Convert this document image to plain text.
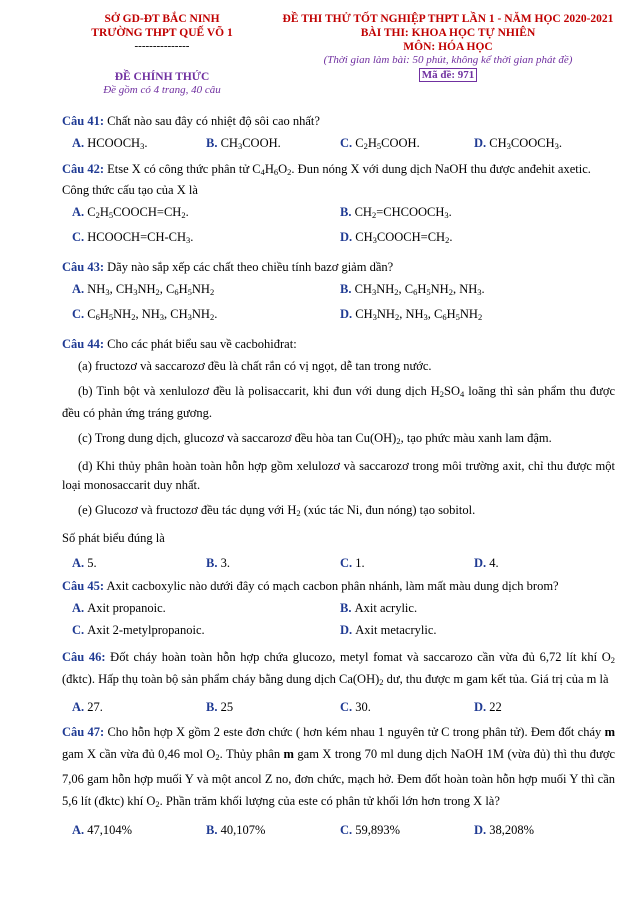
SỞ GD-ĐT BẮC NINH
TRƯỜNG THPT QUẾ VÕ 1
---------------
ĐỀ THI THỬ TỐT NGHIỆP THPT LẦN 1 - NĂM HỌC 2020-2021
BÀI THI: KHOA HỌC TỰ NHIÊN
MÔN: HÓA HỌC
(Thời gian làm bài: 50 phút, không kể thời gian phát đề)
Mã đề: 971
ĐỀ CHÍNH THỨC
Đề gồm có 4 trang, 40 câu
Câu 41: Chất nào sau đây có nhiệt độ sôi cao nhất?
A. $HCOOCH_3$.	B. $CH_3COOH$.	C. $C_2H_5COOH$.	D. $CH_3COOCH_3$.
Câu 42: Etse X có công thức phân tử $C_4H_6O_2$. Đun nóng X với dung dịch NaOH thu được anđehit axetic. Công thức cấu tạo của X là
A. $C_2H_5COOCH=CH_2$.	B. $CH_2=CHCOOCH_3$.
C. $HCOOCH=CH-CH_3$.	D. $CH_3COOCH=CH_2$.
Câu 43: Dãy nào sắp xếp các chất theo chiều tính bazơ giảm dần?
A. $NH_3$, $CH_3NH_2$, $C_6H_5NH_2$	B. $CH_3NH_2$, $C_6H_5NH_2$, $NH_3$.
C. $C_6H_5NH_2$, $NH_3$, $CH_3NH_2$.	D. $CH_3NH_2$, $NH_3$, $C_6H_5NH_2$
Câu 44: Cho các phát biểu sau về cacbohiđrat:
(a) fructozơ và saccarozơ đều là chất rắn có vị ngọt, dễ tan trong nước.
(b) Tinh bột và xenlulozơ đều là polisaccarit, khi đun với dung dịch $H_2SO_4$ loãng thì sản phẩm thu được đều có phản ứng tráng gương.
(c) Trong dung dịch, glucozơ và saccarozơ đều hòa $\tan Cu(OH)_2$, tạo phức màu xanh lam đậm.
(d) Khi thủy phân hoàn toàn hỗn hợp gồm xelulozơ và saccarozơ trong môi trường axit, chỉ thu được một loại monosaccarit duy nhất.
(e) Glucozơ và fructozơ đều tác dụng với $H_2$ (xúc tác Ni, đun nóng) tạo sobitol.
Số phát biểu đúng là
A. 5.	B. 3.	C. 1.	D. 4.
Câu 45: Axit cacboxylic nào dưới đây có mạch cacbon phân nhánh, làm mất màu dung dịch brom?
A. Axit propanoic.	B. Axit acrylic.
C. Axit 2-metylpropanoic.	D. Axit metacrylic.
Câu 46: Đốt cháy hoàn toàn hỗn hợp chứa glucozo, metyl fomat và saccarozo cần vừa đủ 6,72 lít khí $O_2$ (đktc). Hấp thụ toàn bộ sản phẩm cháy bằng dung dịch $Ca(OH)_2$ dư, thu được m gam kết tủa. Giá trị của m là
A. 27.	B. 25	C. 30.	D. 22
Câu 47: Cho hỗn hợp X gồm 2 este đơn chức ( hơn kém nhau 1 nguyên tử C trong phân tử). Đem đốt cháy m gam X cần vừa đủ 0,46 mol $O_2$. Thủy phân m gam X trong 70 ml dung dịch NaOH 1M (vừa đủ) thì thu được 7,06 gam hỗn hợp muối Y và một ancol Z no, đơn chức, mạch hở. Đem đốt hoàn toàn hỗn hợp muối Y thì cần 5,6 lít (đktc) khí $O_2$. Phần trăm khối lượng của este có phân tử khối lớn hơn trong X là?
A. 47,104%	B. 40,107%	C. 59,893%	D. 38,208%
